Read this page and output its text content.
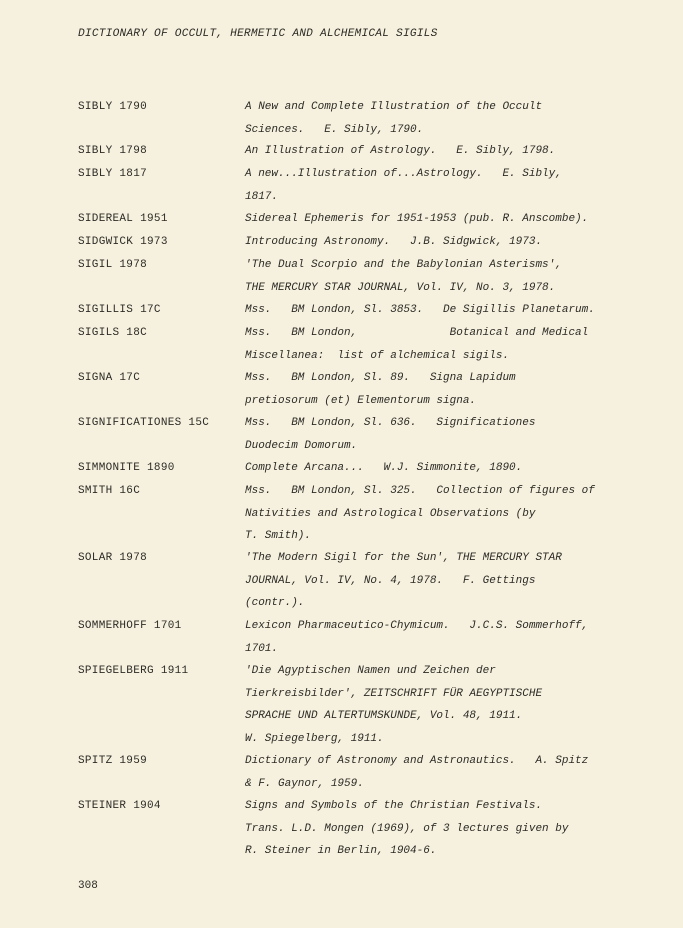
DICTIONARY OF OCCULT, HERMETIC AND ALCHEMICAL SIGILS
SIBLY 1790	A New and Complete Illustration of the Occult
Sciences.   E. Sibly, 1790.
SIBLY 1798	An Illustration of Astrology.   E. Sibly, 1798.
SIBLY 1817	A new...Illustration of...Astrology.   E. Sibly,
1817.
SIDEREAL 1951	Sidereal Ephemeris for 1951-1953 (pub. R. Anscombe).
SIDGWICK 1973	Introducing Astronomy.   J.B. Sidgwick, 1973.
SIGIL 1978	'The Dual Scorpio and the Babylonian Asterisms',
THE MERCURY STAR JOURNAL, Vol. IV, No. 3, 1978.
SIGILLIS 17C	Mss.   BM London, Sl. 3853.   De Sigillis Planetarum.
SIGILS 18C	Mss.   BM London,              Botanical and Medical
Miscellanea:  list of alchemical sigils.
SIGNA 17C	Mss.   BM London, Sl. 89.   Signa Lapidum
pretiosorum (et) Elementorum signa.
SIGNIFICATIONES 15C	Mss.   BM London, Sl. 636.   Significationes
Duodecim Domorum.
SIMMONITE 1890	Complete Arcana...   W.J. Simmonite, 1890.
SMITH 16C	Mss.   BM London, Sl. 325.   Collection of figures of
Nativities and Astrological Observations (by
T. Smith).
SOLAR 1978	'The Modern Sigil for the Sun', THE MERCURY STAR
JOURNAL, Vol. IV, No. 4, 1978.   F. Gettings
(contr.).
SOMMERHOFF 1701	Lexicon Pharmaceutico-Chymicum.   J.C.S. Sommerhoff,
1701.
SPIEGELBERG 1911	'Die Agyptischen Namen und Zeichen der
Tierkreisbilder', ZEITSCHRIFT FÜR AEGYPTISCHE
SPRACHE UND ALTERTUMSKUNDE, Vol. 48, 1911.
W. Spiegelberg, 1911.
SPITZ 1959	Dictionary of Astronomy and Astronautics.   A. Spitz
& F. Gaynor, 1959.
STEINER 1904	Signs and Symbols of the Christian Festivals.
Trans. L.D. Mongen (1969), of 3 lectures given by
R. Steiner in Berlin, 1904-6.
308
